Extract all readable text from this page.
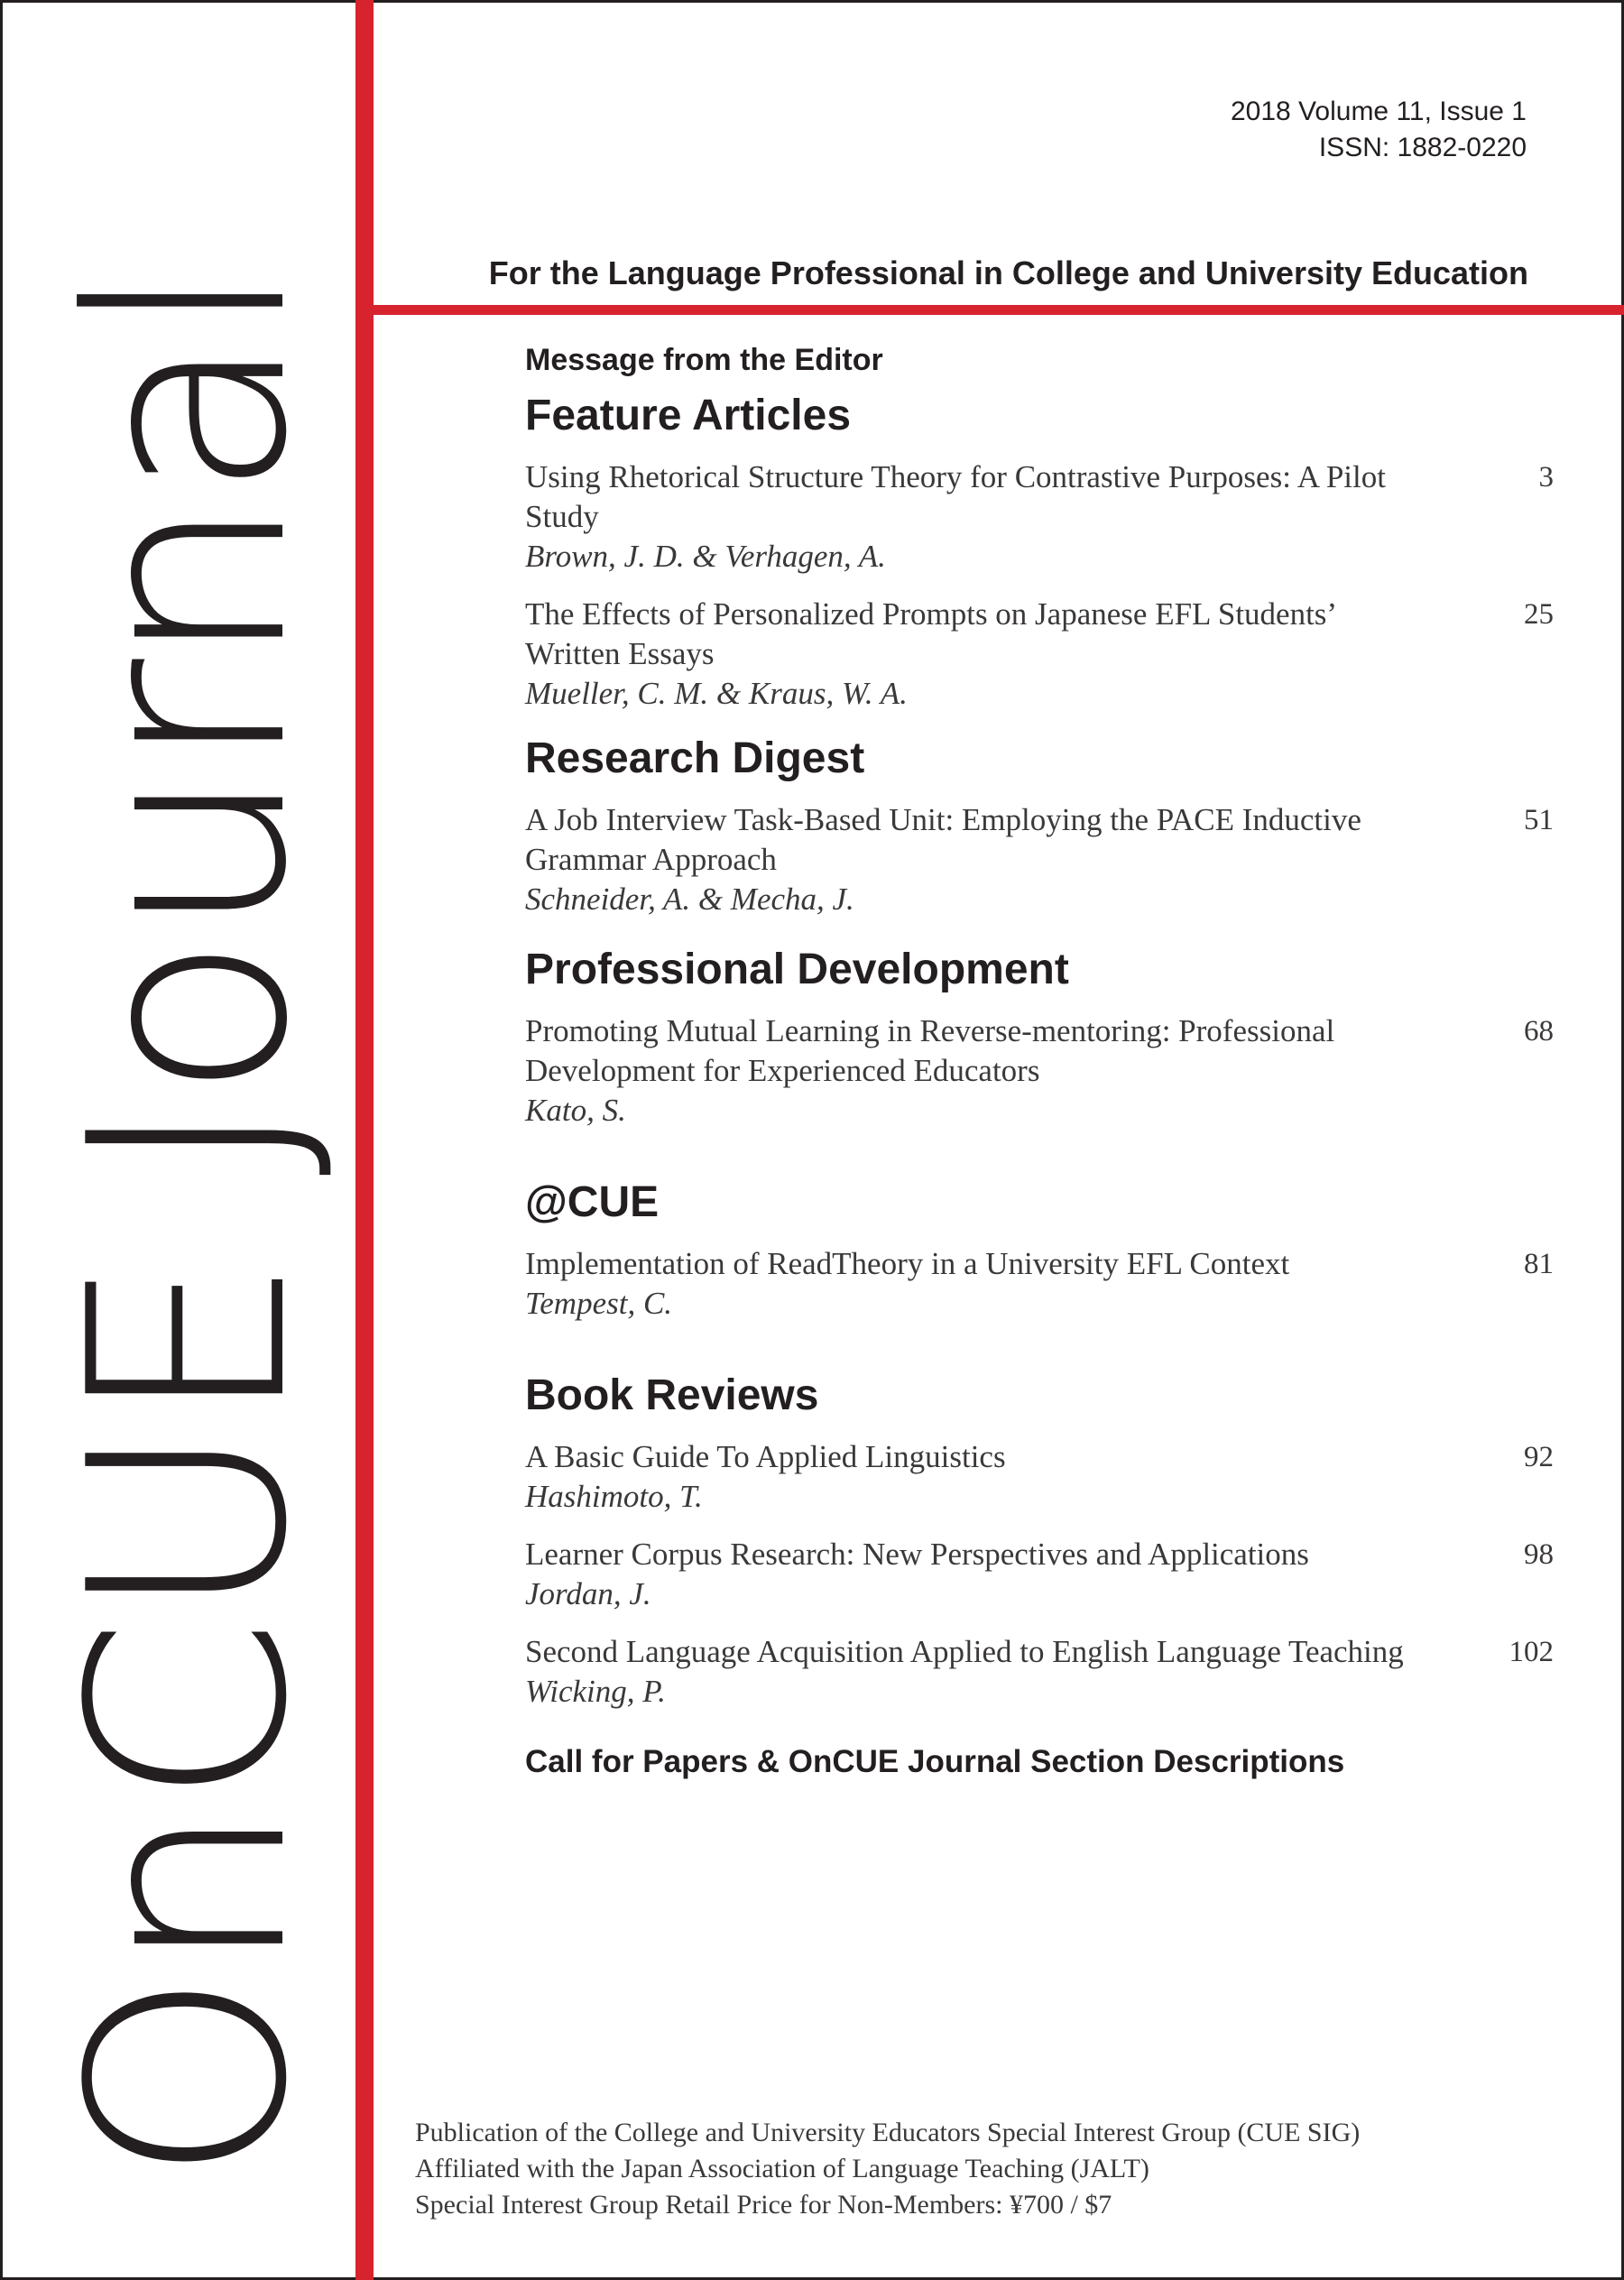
OnCUE Journal
2018 Volume 11, Issue 1
ISSN: 1882-0220
For the Language Professional in College and University Education
Message from the Editor
Feature Articles
Using Rhetorical Structure Theory for Contrastive Purposes: A Pilot Study
Brown, J. D. & Verhagen, A.
3
The Effects of Personalized Prompts on Japanese EFL Students’ Written Essays
Mueller, C. M. & Kraus, W. A.
25
Research Digest
A Job Interview Task-Based Unit: Employing the PACE Inductive Grammar Approach
Schneider, A. & Mecha, J.
51
Professional Development
Promoting Mutual Learning in Reverse-mentoring: Professional Development for Experienced Educators
Kato, S.
68
@CUE
Implementation of ReadTheory in a University EFL Context
Tempest, C.
81
Book Reviews
A Basic Guide To Applied Linguistics
Hashimoto, T.
92
Learner Corpus Research: New Perspectives and Applications
Jordan, J.
98
Second Language Acquisition Applied to English Language Teaching
Wicking, P.
102
Call for Papers & OnCUE Journal Section Descriptions
Publication of the College and University Educators Special Interest Group (CUE SIG)
Affiliated with the Japan Association of Language Teaching (JALT)
Special Interest Group Retail Price for Non-Members: ¥700 / $7
